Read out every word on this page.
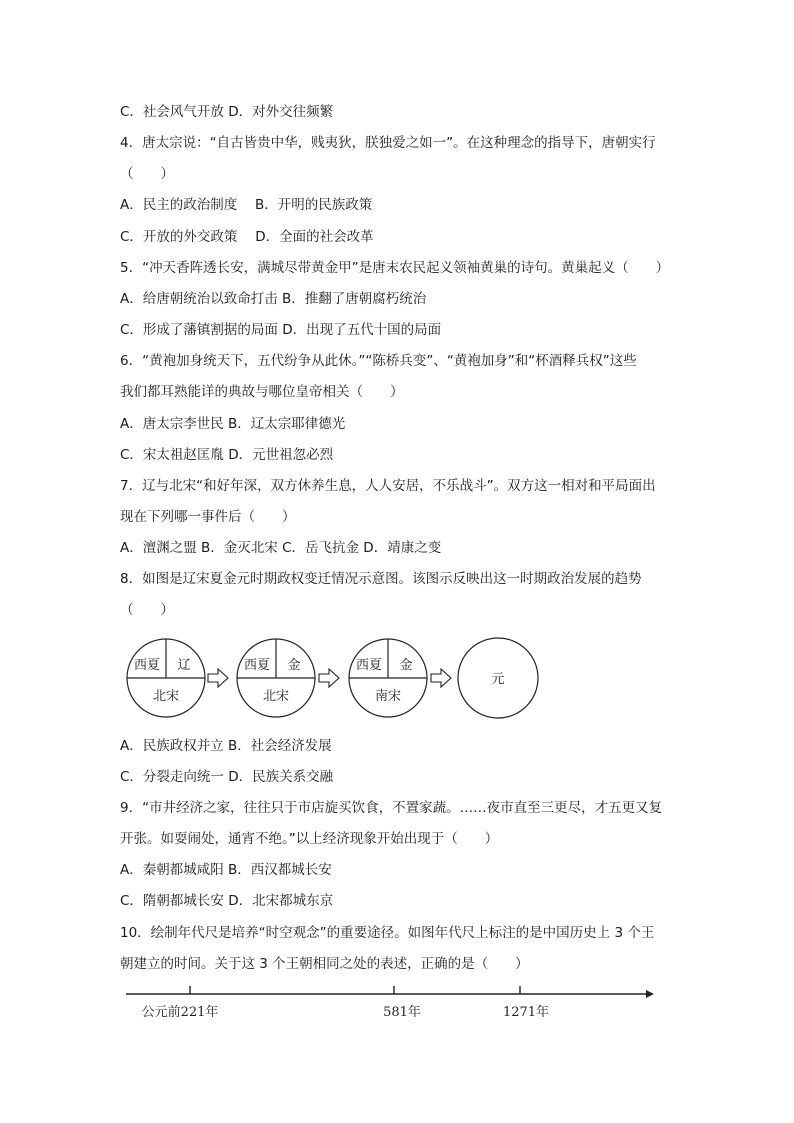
C．社会风气开放 D．对外交往频繁
4．唐太宗说：“自古皆贵中华，贱夷狄，朕独爱之如一”。在这种理念的指导下，唐朝实行
（　　）
A．民主的政治制度　 B．开明的民族政策
C．开放的外交政策　 D．全面的社会改革
5．“冲天香阵透长安，满城尽带黄金甲”是唐末农民起义领袖黄巢的诗句。黄巢起义（　　）
A．给唐朝统治以致命打击 B．推翻了唐朝腐朽统治
C．形成了藩镇割据的局面 D．出现了五代十国的局面
6．“黄袍加身统天下，五代纷争从此休。”“陈桥兵变”、“黄袍加身”和“杯酒释兵权”这些
我们都耳熟能详的典故与哪位皇帝相关（　　）
A．唐太宗李世民 B．辽太宗耶律德光
C．宋太祖赵匡胤 D．元世祖忽必烈
7．辽与北宋“和好年深，双方休养生息，人人安居，不乐战斗”。双方这一相对和平局面出
现在下列哪一事件后（　　）
A．澶渊之盟 B．金灭北宋 C．岳飞抗金 D．靖康之变
8．如图是辽宋夏金元时期政权变迁情况示意图。该图示反映出这一时期政治发展的趋势
（　　）
西夏 辽
北宋
西夏 金
北宋
西夏 金
南宋
元
A．民族政权并立 B．社会经济发展
C．分裂走向统一 D．民族关系交融
9．“市井经济之家，往往只于市店旋买饮食，不置家蔬。……夜市直至三更尽，才五更又复
开张。如耍闹处，通宵不绝。”以上经济现象开始出现于（　　）
A．秦朝都城咸阳 B．西汉都城长安
C．隋朝都城长安 D．北宋都城东京
10．绘制年代尺是培养“时空观念”的重要途径。如图年代尺上标注的是中国历史上 3 个王
朝建立的时间。关于这 3 个王朝相同之处的表述，正确的是（　　）
公元前221年	581年	1271年
